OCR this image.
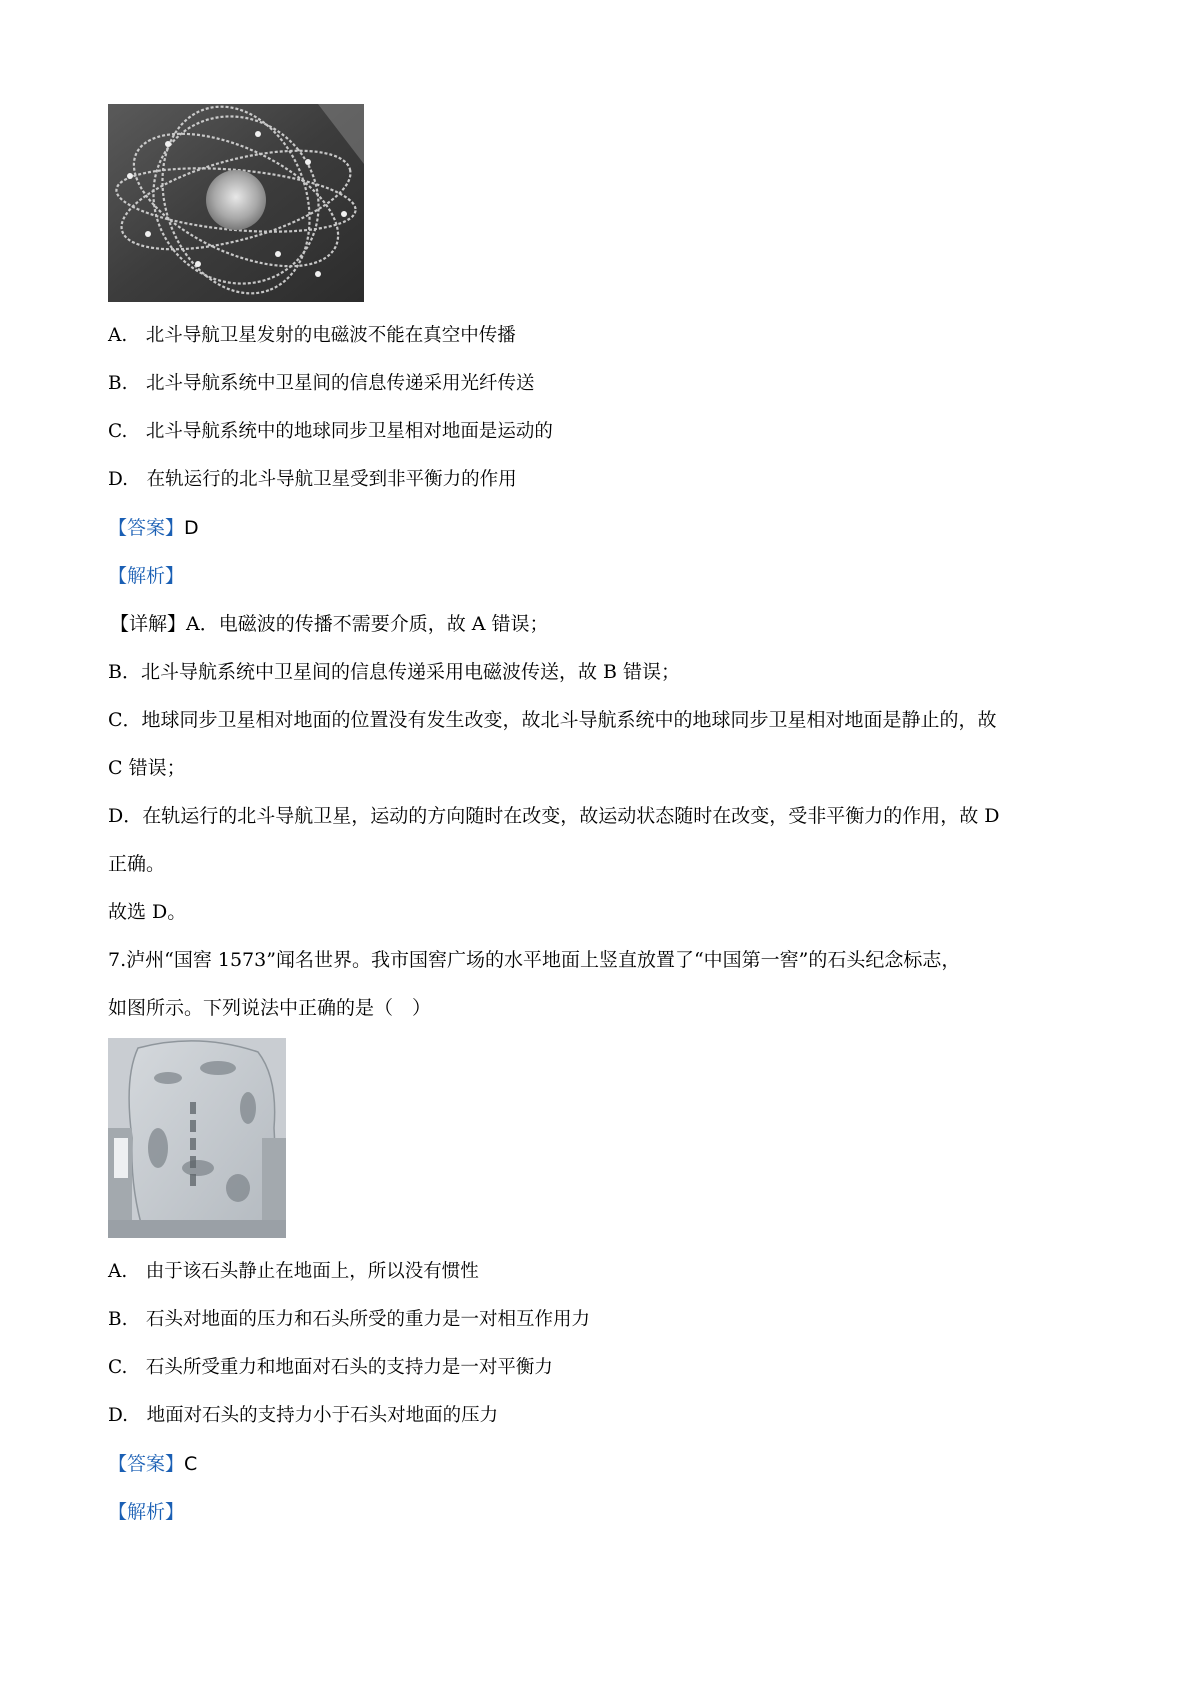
A.  北斗导航卫星发射的电磁波不能在真空中传播
B.  北斗导航系统中卫星间的信息传递采用光纤传送
C.  北斗导航系统中的地球同步卫星相对地面是运动的
D.  在轨运行的北斗导航卫星受到非平衡力的作用
【答案】D
【解析】
【详解】A．电磁波的传播不需要介质，故 A 错误；
B．北斗导航系统中卫星间的信息传递采用电磁波传送，故 B 错误；
C．地球同步卫星相对地面的位置没有发生改变，故北斗导航系统中的地球同步卫星相对地面是静止的，故
C 错误；
D．在轨运行的北斗导航卫星，运动的方向随时在改变，故运动状态随时在改变，受非平衡力的作用，故 D
正确。
故选 D。
7.泸州“国窖 1573”闻名世界。我市国窖广场的水平地面上竖直放置了“中国第一窖”的石头纪念标志，
如图所示。下列说法中正确的是（　）
A.  由于该石头静止在地面上，所以没有惯性
B.  石头对地面的压力和石头所受的重力是一对相互作用力
C.  石头所受重力和地面对石头的支持力是一对平衡力
D.  地面对石头的支持力小于石头对地面的压力
【答案】C
【解析】
